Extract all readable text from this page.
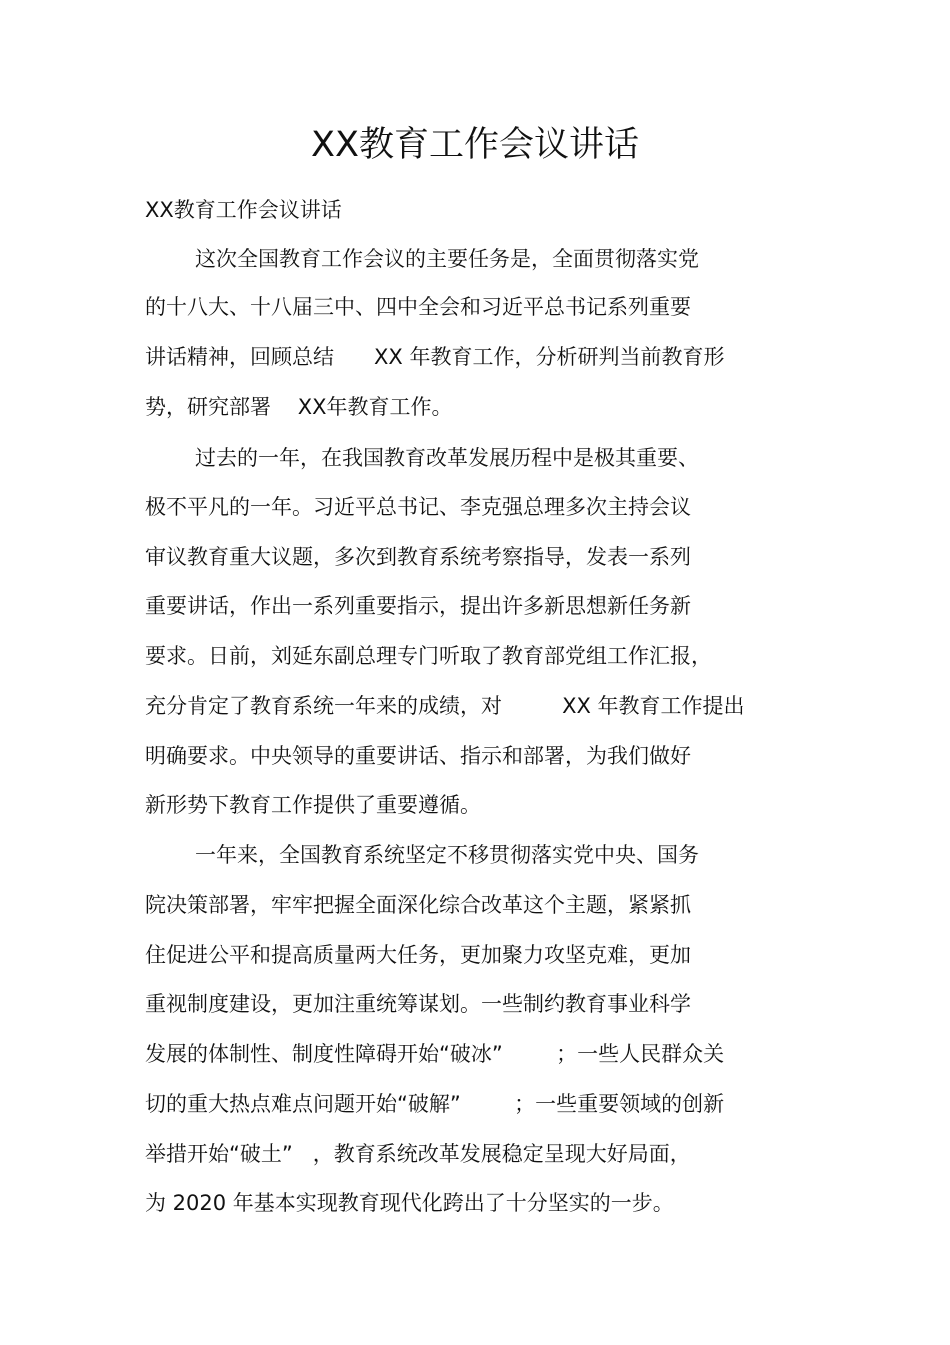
XX教育工作会议讲话

XX教育工作会议讲话

这次全国教育工作会议的主要任务是，全面贯彻落实党

的十八大、十八届三中、四中全会和习近平总书记系列重要

讲话精神，回顾总结      XX 年教育工作，分析研判当前教育形

势，研究部署    XX年教育工作。

过去的一年，在我国教育改革发展历程中是极其重要、

极不平凡的一年。习近平总书记、李克强总理多次主持会议

审议教育重大议题，多次到教育系统考察指导，发表一系列

重要讲话，作出一系列重要指示，提出许多新思想新任务新

要求。日前，刘延东副总理专门听取了教育部党组工作汇报，

充分肯定了教育系统一年来的成绩，对         XX 年教育工作提出

明确要求。中央领导的重要讲话、指示和部署，为我们做好

新形势下教育工作提供了重要遵循。

一年来，全国教育系统坚定不移贯彻落实党中央、国务

院决策部署，牢牢把握全面深化综合改革这个主题，紧紧抓

住促进公平和提高质量两大任务，更加聚力攻坚克难，更加

重视制度建设，更加注重统筹谋划。一些制约教育事业科学

发展的体制性、制度性障碍开始“破冰”        ；一些人民群众关

切的重大热点难点问题开始“破解”        ；一些重要领域的创新

举措开始“破土”   ，教育系统改革发展稳定呈现大好局面，

为 2020 年基本实现教育现代化跨出了十分坚实的一步。
